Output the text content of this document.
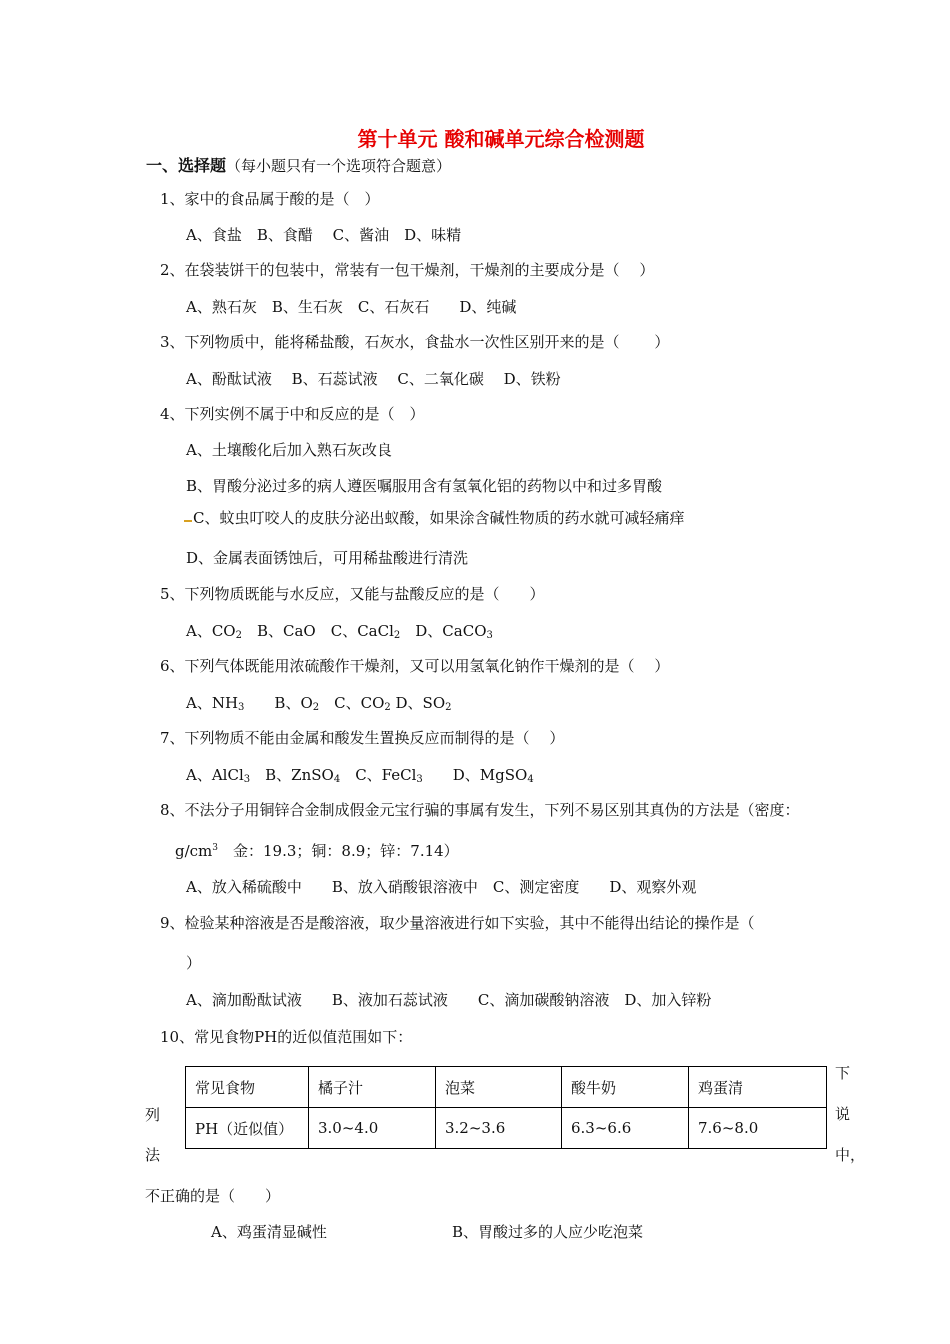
第十单元 酸和碱单元综合检测题
一、选择题（每小题只有一个选项符合题意）
1、家中的食品属于酸的是（　）
A、食盐　B、食醋　 C、酱油　D、味精
2、在袋装饼干的包装中，常装有一包干燥剂，干燥剂的主要成分是（　 ）
A、熟石灰　B、生石灰　C、石灰石　　D、纯碱
3、下列物质中，能将稀盐酸，石灰水，食盐水一次性区别开来的是（　　 ）
A、酚酞试液　 B、石蕊试液　 C、二氧化碳　 D、铁粉
4、下列实例不属于中和反应的是（　）
A、土壤酸化后加入熟石灰改良
B、胃酸分泌过多的病人遵医嘱服用含有氢氧化铝的药物以中和过多胃酸
C、蚊虫叮咬人的皮肤分泌出蚁酸，如果涂含碱性物质的药水就可减轻痛痒
D、金属表面锈蚀后，可用稀盐酸进行清洗
5、下列物质既能与水反应，又能与盐酸反应的是（　　）
A、$CO_2$　B、CaO　C、CaCl$_2$　D、CaCO$_3$
6、下列气体既能用浓硫酸作干燥剂，又可以用氢氧化钠作干燥剂的是（　 ）
A、$NH_3$　　B、$O_2$　C、$CO_2$ D、$SO_2$
7、下列物质不能由金属和酸发生置换反应而制得的是（　 ）
A、AlCl$_3$　B、ZnSO$_4$　C、FeCl$_3$　　D、MgSO$_4$
8、不法分子用铜锌合金制成假金元宝行骗的事属有发生，下列不易区别其真伪的方法是（密度：
$g/cm^3$　金：19.3；铜：8.9；锌：7.14）
A、放入稀硫酸中　　B、放入硝酸银溶液中　C、测定密度　　D、观察外观
9、检验某种溶液是否是酸溶液，取少量溶液进行如下实验，其中不能得出结论的操作是（
）
A、滴加酚酞试液　　B、液加石蕊试液　　C、滴加碳酸钠溶液　D、加入锌粉
10、常见食物PH的近似值范围如下：
常见食物	橘子汁	泡菜	酸牛奶	鸡蛋清
PH（近似值）	3.0~4.0	3.2~3.6	6.3~6.6	7.6~8.0
列
法
下
说
中，
不正确的是（　　）
A、鸡蛋清显碱性	B、胃酸过多的人应少吃泡菜
